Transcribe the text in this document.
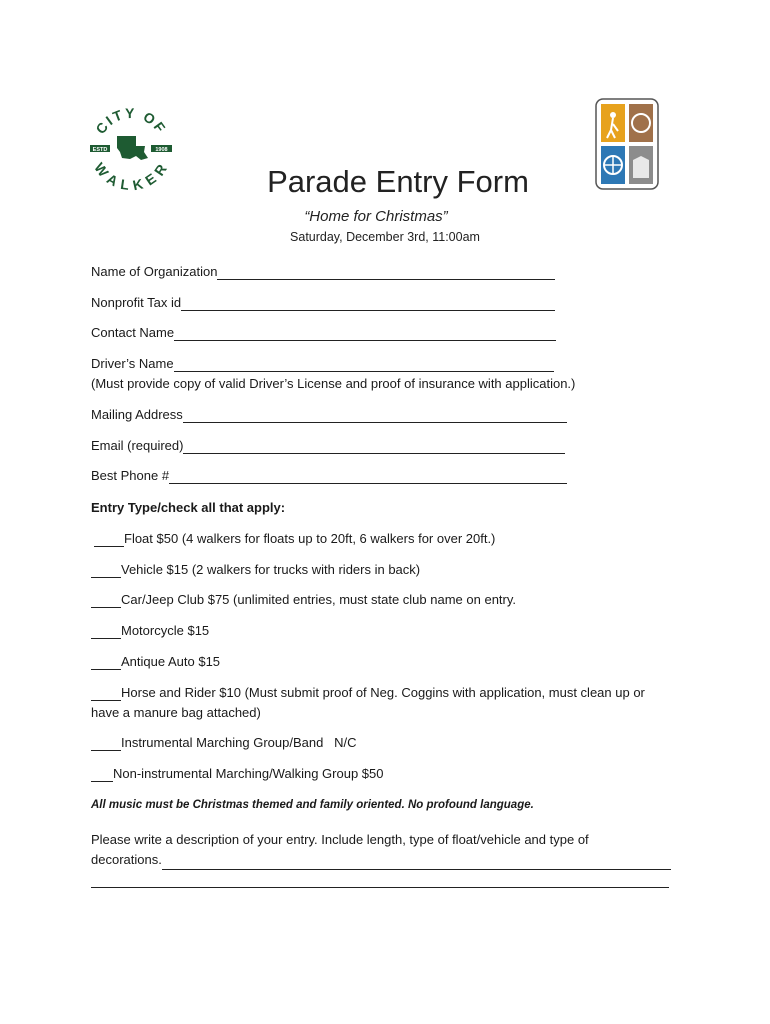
CITY OF
WALKER
ESTD	1908
Parade Entry Form
“Home for Christmas”
Saturday, December 3rd, 11:00am
Name of Organization
Nonprofit Tax id
Contact Name
Driver’s Name
(Must provide copy of valid Driver’s License and proof of insurance with application.)
Mailing Address
Email (required)
Best Phone #
Entry Type/check all that apply:
Float $50 (4 walkers for floats up to 20ft, 6 walkers for over 20ft.)
Vehicle $15 (2 walkers for trucks with riders in back)
Car/Jeep Club $75 (unlimited entries, must state club name on entry.
Motorcycle $15
Antique Auto $15
Horse and Rider $10 (Must submit proof of Neg. Coggins with application, must clean up or
have a manure bag attached)
Instrumental Marching Group/Band   N/C
Non-instrumental Marching/Walking Group $50
All music must be Christmas themed and family oriented. No profound language.
Please write a description of your entry. Include length, type of float/vehicle and type of
decorations.
